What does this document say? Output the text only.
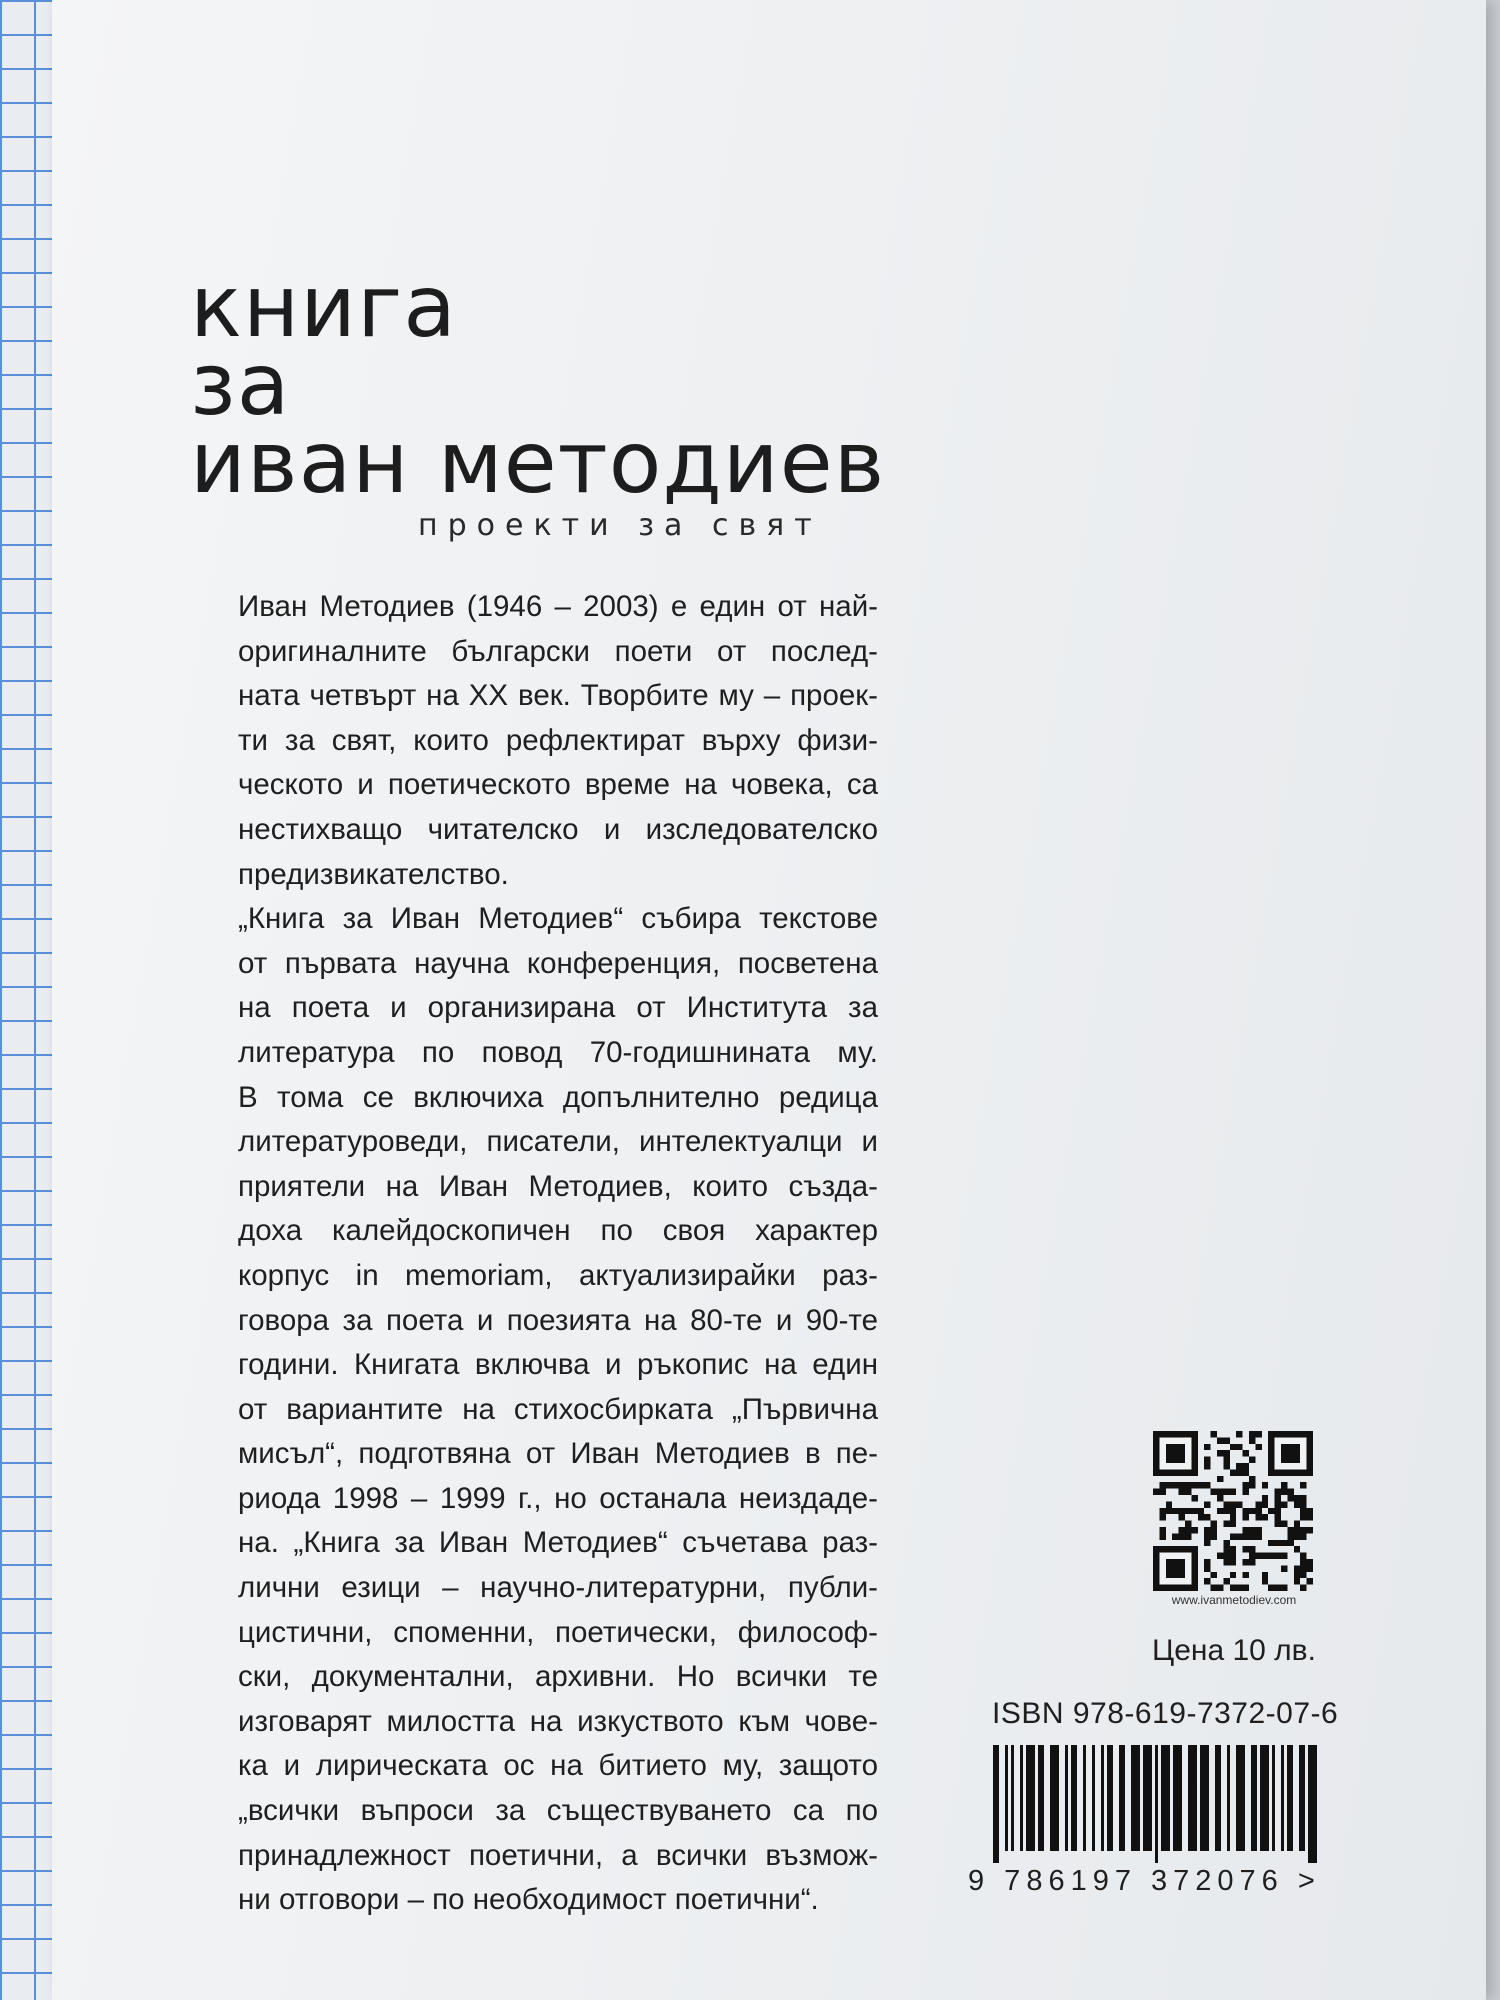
книга
за
иван методиев
проекти за свят
Иван Методиев (1946 – 2003) е един от най-
оригиналните български поети от послед-
ната четвърт на XX век. Творбите му – проек-
ти за свят, които рефлектират върху физи-
ческото и поетическото време на човека, са
нестихващо читателско и изследователско
предизвикателство.
„Книга за Иван Методиев“ събира текстове
от първата научна конференция, посветена
на поета и организирана от Института за
литература по повод 70-годишнината му.
В тома се включиха допълнително редица
литературоведи, писатели, интелектуалци и
приятели на Иван Методиев, които създа-
доха калейдоскопичен по своя характер
корпус in memoriam, актуализирайки раз-
говора за поета и поезията на 80-те и 90-те
години. Книгата включва и ръкопис на един
от вариантите на стихосбирката „Първична
мисъл“, подготвяна от Иван Методиев в пе-
риода 1998 – 1999 г., но останала неиздаде-
на. „Книга за Иван Методиев“ съчетава раз-
лични езици – научно-литературни, публи-
цистични, споменни, поетически, философ-
ски, документални, архивни. Но всички те
изговарят милостта на изкуството към чове-
ка и лирическата ос на битието му, защото
„всички въпроси за съществуването са по
принадлежност поетични, а всички възмож-
ни отговори – по необходимост поетични“.
www.ivanmetodiev.com
Цена 10 лв.
ISBN 978-619-7372-07-6
9 786197 372076 >
